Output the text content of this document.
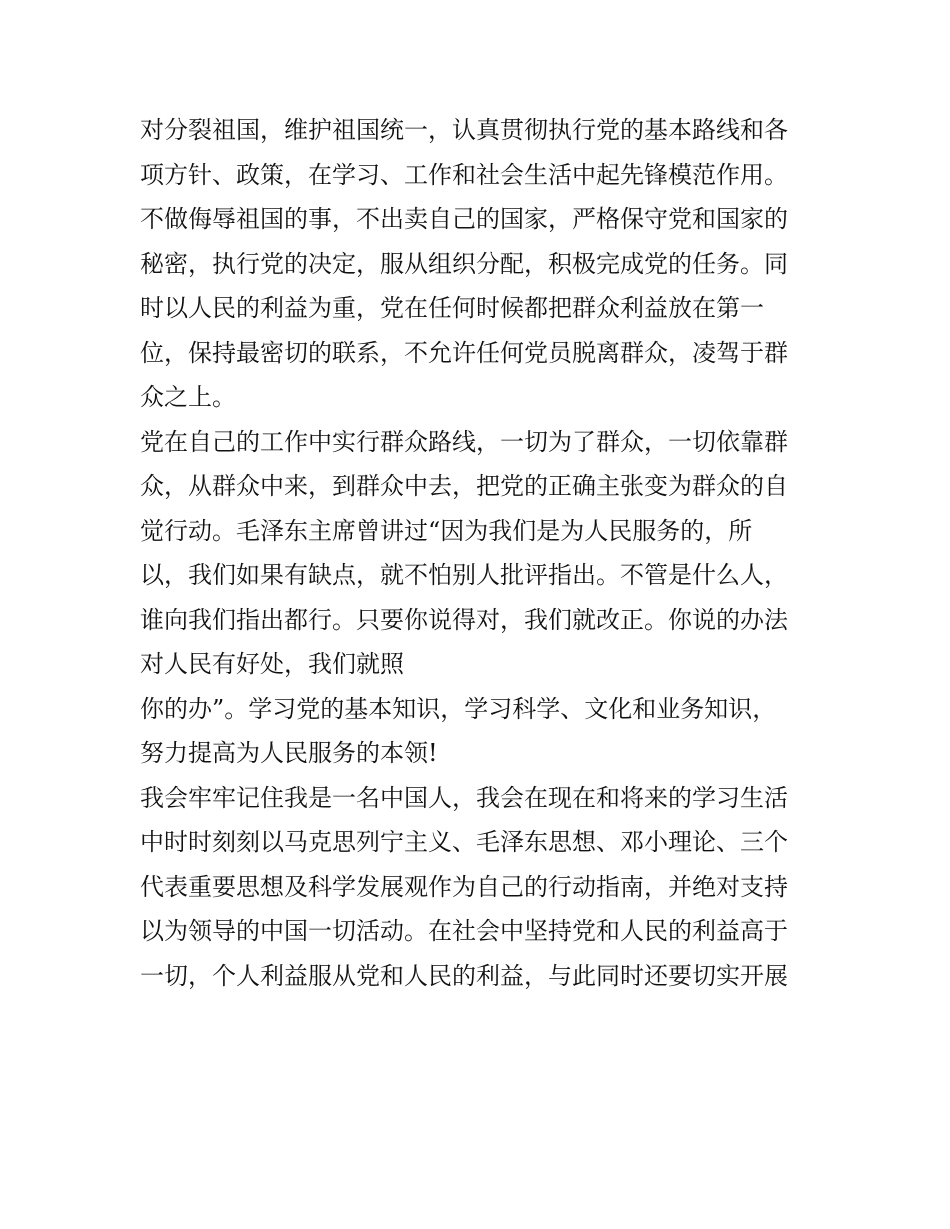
对分裂祖国，维护祖国统一，认真贯彻执行党的基本路线和各
项方针、政策，在学习、工作和社会生活中起先锋模范作用。
不做侮辱祖国的事，不出卖自己的国家，严格保守党和国家的
秘密，执行党的决定，服从组织分配，积极完成党的任务。同
时以人民的利益为重，党在任何时候都把群众利益放在第一
位，保持最密切的联系，不允许任何党员脱离群众，凌驾于群
众之上。
党在自己的工作中实行群众路线，一切为了群众，一切依靠群
众，从群众中来，到群众中去，把党的正确主张变为群众的自
觉行动。毛泽东主席曾讲过“因为我们是为人民服务的，所
以，我们如果有缺点，就不怕别人批评指出。不管是什么人，
谁向我们指出都行。只要你说得对，我们就改正。你说的办法
对人民有好处，我们就照
你的办”。学习党的基本知识，学习科学、文化和业务知识，
努力提高为人民服务的本领!
我会牢牢记住我是一名中国人，我会在现在和将来的学习生活
中时时刻刻以马克思列宁主义、毛泽东思想、邓小理论、三个
代表重要思想及科学发展观作为自己的行动指南，并绝对支持
以为领导的中国一切活动。在社会中坚持党和人民的利益高于
一切，个人利益服从党和人民的利益，与此同时还要切实开展
